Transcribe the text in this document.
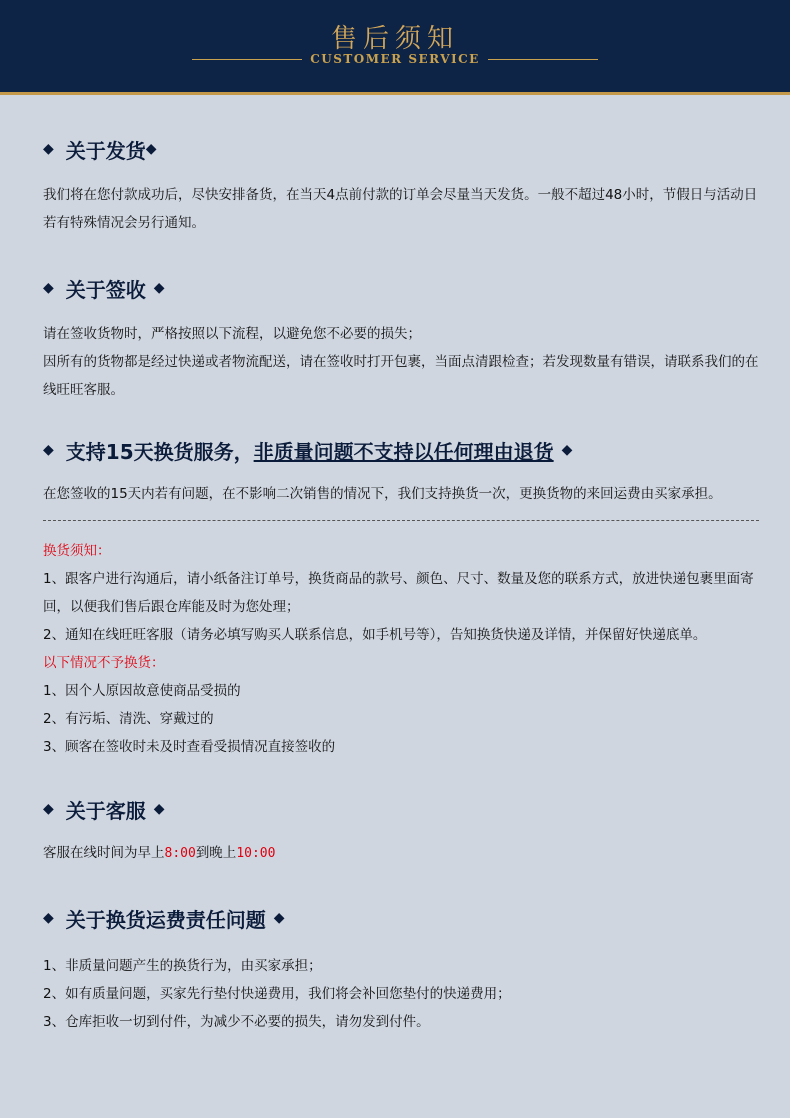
售后须知
CUSTOMER SERVICE
◆ 关于发货 ◆

我们将在您付款成功后，尽快安排备货，在当天4点前付款的订单会尽量当天发货。一般不超过48小时，节假日与活动日若有特殊情况会另行通知。

◆ 关于签收 ◆

请在签收货物时，严格按照以下流程，以避免您不必要的损失；

因所有的货物都是经过快递或者物流配送，请在签收时打开包裹，当面点清跟检查；若发现数量有错误，请联系我们的在线旺旺客服。

◆ 支持15天换货服务， 非质量问题不支持以任何理由退货 ◆

在您签收的15天内若有问题，在不影响二次销售的情况下，我们支持换货一次，更换货物的来回运费由买家承担。

换货须知：

1、跟客户进行沟通后，请小纸备注订单号，换货商品的款号、颜色、尺寸、数量及您的联系方式，放进快递包裹里面寄回，以便我们售后跟仓库能及时为您处理；

2、通知在线旺旺客服（请务必填写购买人联系信息，如手机号等），告知换货快递及详情，并保留好快递底单。

以下情况不予换货：

1、因个人原因故意使商品受损的

2、有污垢、清洗、穿戴过的

3、顾客在签收时未及时查看受损情况直接签收的

◆ 关于客服 ◆

客服在线时间为早上8:00到晚上10:00

◆ 关于换货运费责任问题 ◆

1、非质量问题产生的换货行为，由买家承担；

2、如有质量问题，买家先行垫付快递费用，我们将会补回您垫付的快递费用；

3、仓库拒收一切到付件，为减少不必要的损失，请勿发到付件。
